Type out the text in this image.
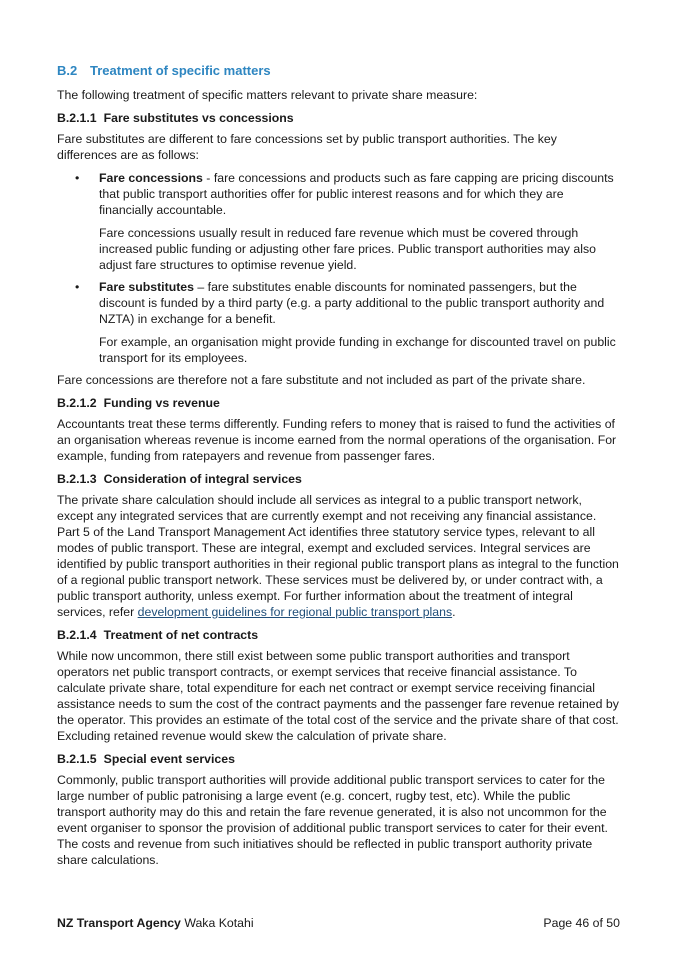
B.2 Treatment of specific matters

The following treatment of specific matters relevant to private share measure:

B.2.1.1 Fare substitutes vs concessions

Fare substitutes are different to fare concessions set by public transport authorities. The key differences are as follows:

• Fare concessions - fare concessions and products such as fare capping are pricing discounts that public transport authorities offer for public interest reasons and for which they are financially accountable.

Fare concessions usually result in reduced fare revenue which must be covered through increased public funding or adjusting other fare prices. Public transport authorities may also adjust fare structures to optimise revenue yield.

• Fare substitutes – fare substitutes enable discounts for nominated passengers, but the discount is funded by a third party (e.g. a party additional to the public transport authority and NZTA) in exchange for a benefit.

For example, an organisation might provide funding in exchange for discounted travel on public transport for its employees.

Fare concessions are therefore not a fare substitute and not included as part of the private share.

B.2.1.2 Funding vs revenue

Accountants treat these terms differently. Funding refers to money that is raised to fund the activities of an organisation whereas revenue is income earned from the normal operations of the organisation. For example, funding from ratepayers and revenue from passenger fares.

B.2.1.3 Consideration of integral services

The private share calculation should include all services as integral to a public transport network, except any integrated services that are currently exempt and not receiving any financial assistance. Part 5 of the Land Transport Management Act identifies three statutory service types, relevant to all modes of public transport. These are integral, exempt and excluded services. Integral services are identified by public transport authorities in their regional public transport plans as integral to the function of a regional public transport network. These services must be delivered by, or under contract with, a public transport authority, unless exempt. For further information about the treatment of integral services, refer development guidelines for regional public transport plans.

B.2.1.4 Treatment of net contracts

While now uncommon, there still exist between some public transport authorities and transport operators net public transport contracts, or exempt services that receive financial assistance. To calculate private share, total expenditure for each net contract or exempt service receiving financial assistance needs to sum the cost of the contract payments and the passenger fare revenue retained by the operator. This provides an estimate of the total cost of the service and the private share of that cost. Excluding retained revenue would skew the calculation of private share.

B.2.1.5 Special event services

Commonly, public transport authorities will provide additional public transport services to cater for the large number of public patronising a large event (e.g. concert, rugby test, etc). While the public transport authority may do this and retain the fare revenue generated, it is also not uncommon for the event organiser to sponsor the provision of additional public transport services to cater for their event. The costs and revenue from such initiatives should be reflected in public transport authority private share calculations.

NZ Transport Agency Waka Kotahi	Page 46 of 50
